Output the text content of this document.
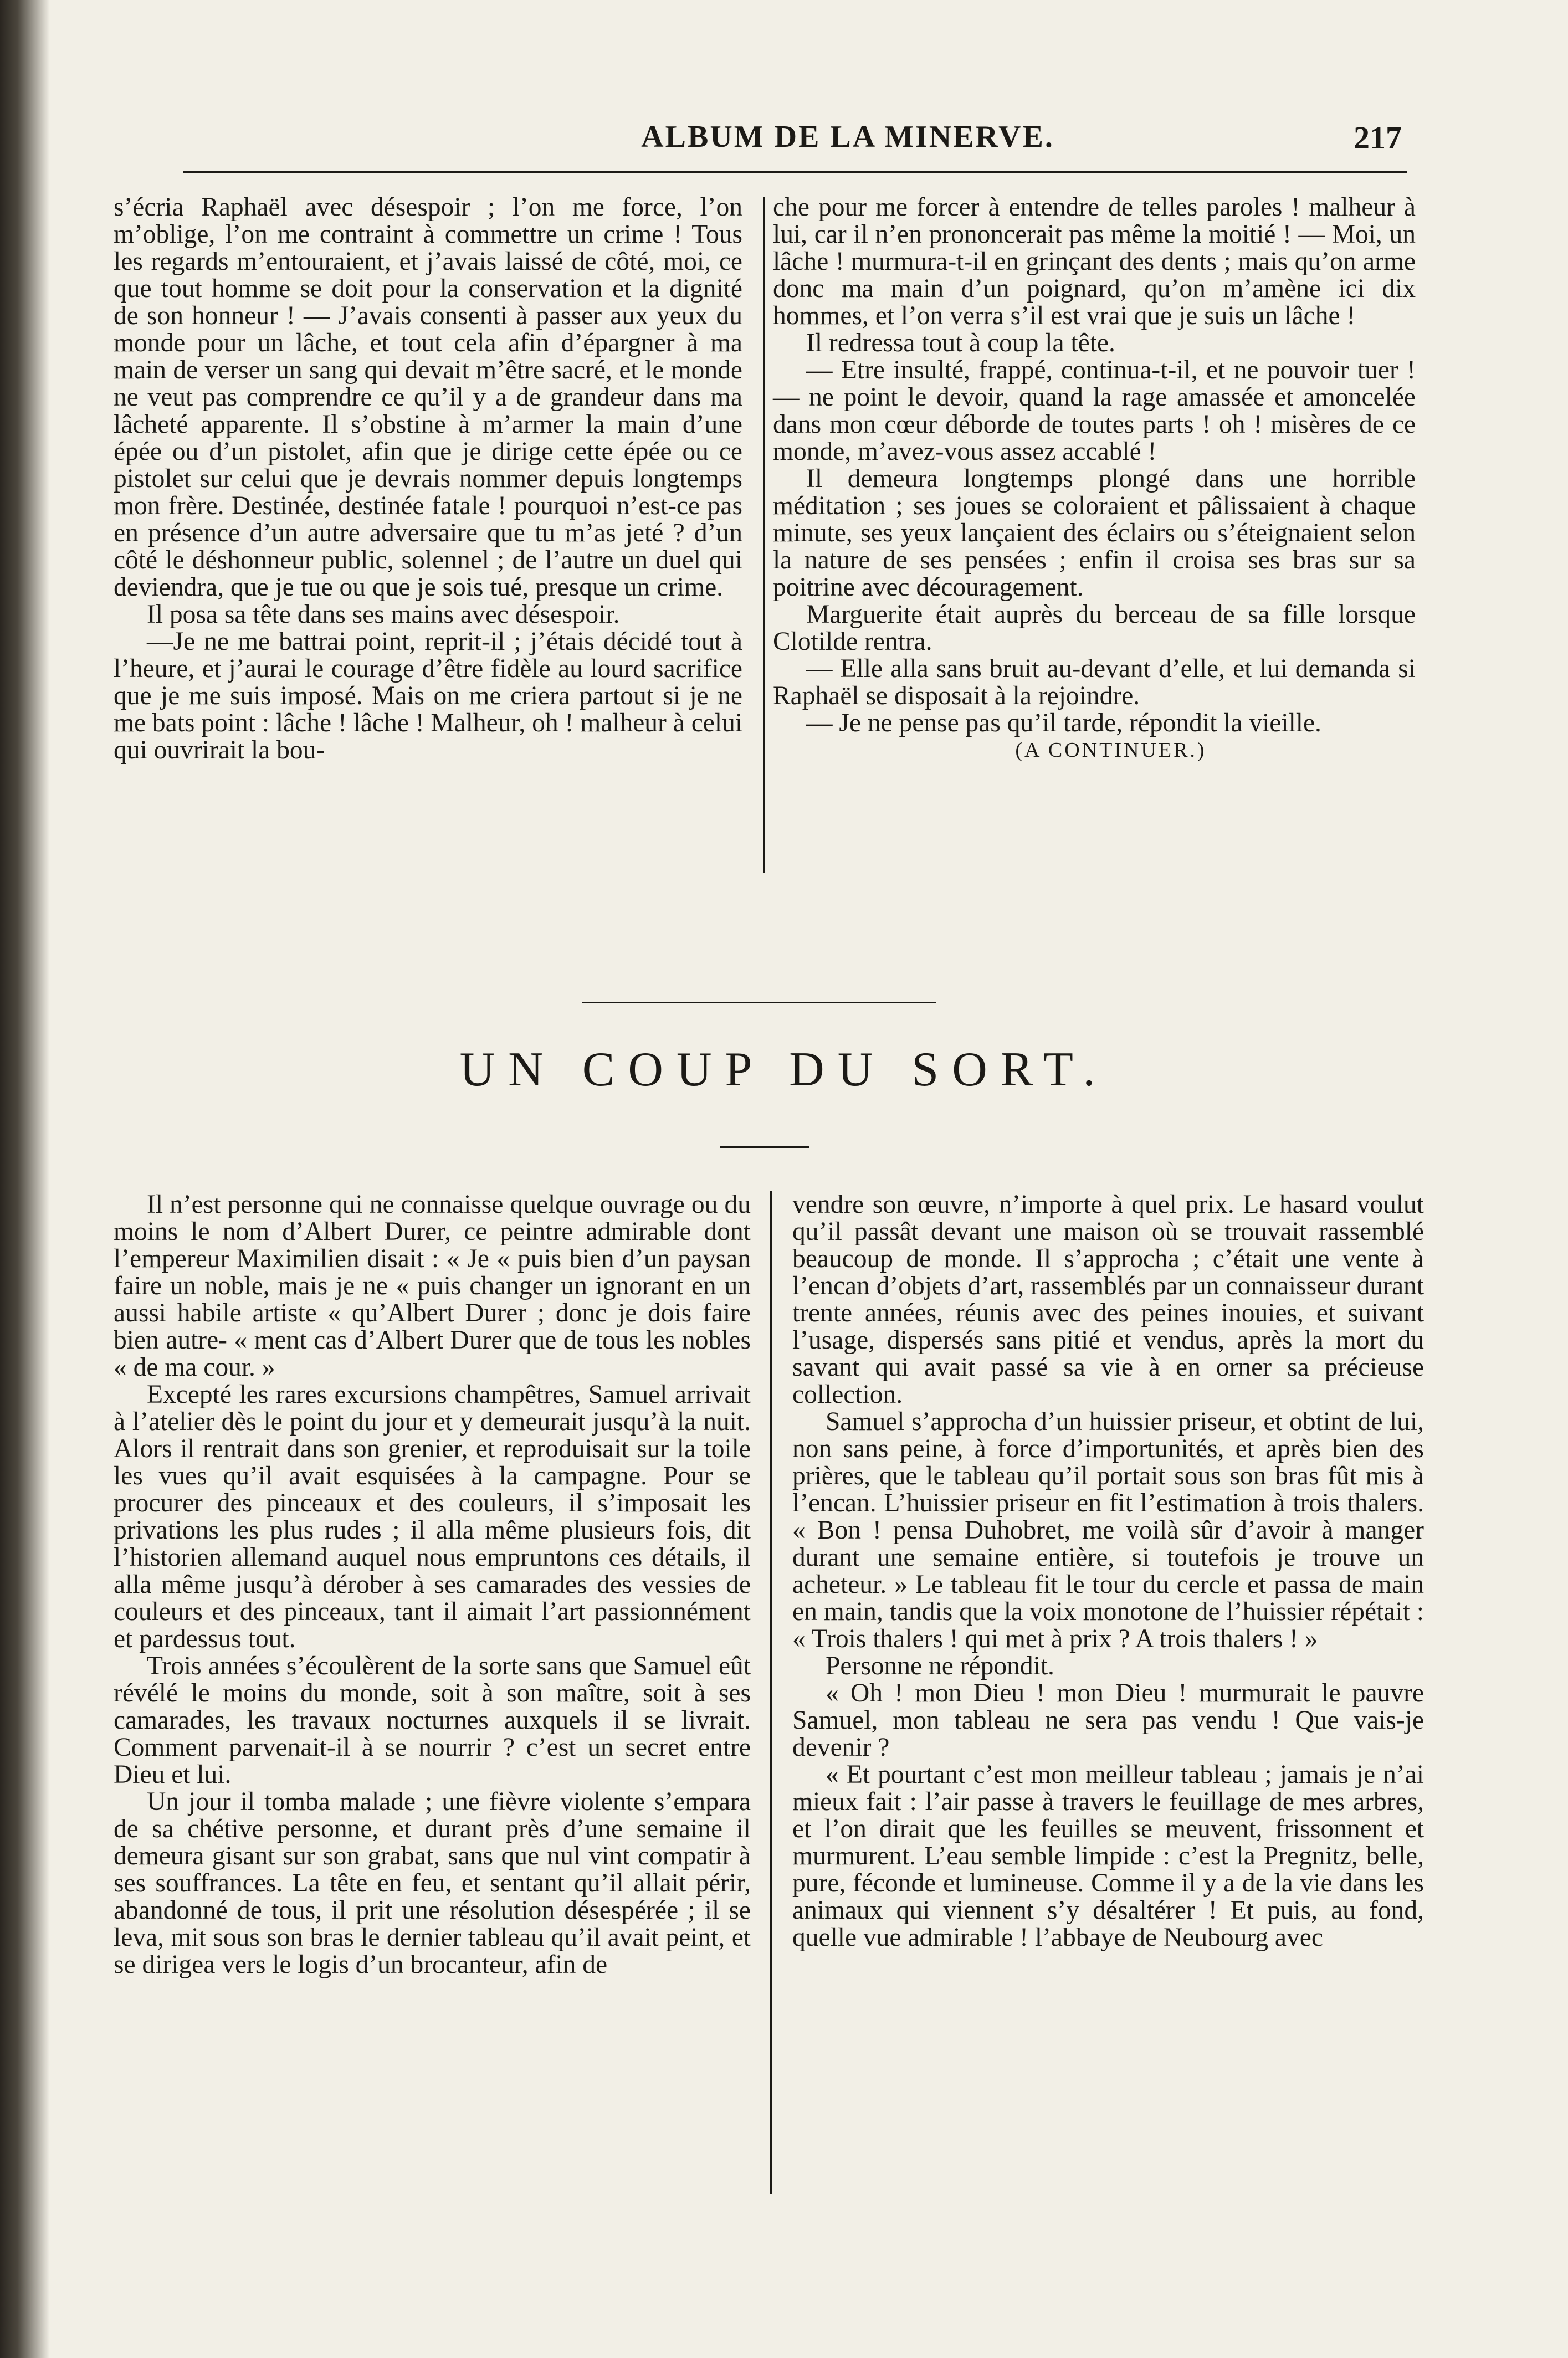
ALBUM DE LA MINERVE.	217

s’écria Raphaël avec désespoir ; l’on me force, l’on m’oblige, l’on me contraint à commettre un crime ! Tous les regards m’entouraient, et j’avais laissé de côté, moi, ce que tout homme se doit pour la conservation et la dignité de son honneur ! — J’avais consenti à passer aux yeux du monde pour un lâche, et tout cela afin d’épargner à ma main de verser un sang qui devait m’être sacré, et le monde ne veut pas comprendre ce qu’il y a de grandeur dans ma lâcheté apparente. Il s’obstine à m’armer la main d’une épée ou d’un pistolet, afin que je dirige cette épée ou ce pistolet sur celui que je devrais nommer depuis longtemps mon frère. Destinée, destinée fatale ! pourquoi n’est-ce pas en présence d’un autre adversaire que tu m’as jeté ? d’un côté le déshonneur public, solennel ; de l’autre un duel qui deviendra, que je tue ou que je sois tué, presque un crime.

Il posa sa tête dans ses mains avec désespoir.

—Je ne me battrai point, reprit-il ; j’étais décidé tout à l’heure, et j’aurai le courage d’être fidèle au lourd sacrifice que je me suis imposé. Mais on me criera partout si je ne me bats point : lâche ! lâche ! Malheur, oh ! malheur à celui qui ouvrirait la bou-

che pour me forcer à entendre de telles paroles ! malheur à lui, car il n’en prononcerait pas même la moitié ! — Moi, un lâche ! murmura-t-il en grinçant des dents ; mais qu’on arme donc ma main d’un poignard, qu’on m’amène ici dix hommes, et l’on verra s’il est vrai que je suis un lâche !

Il redressa tout à coup la tête.

— Etre insulté, frappé, continua-t-il, et ne pouvoir tuer ! — ne point le devoir, quand la rage amassée et amoncelée dans mon cœur déborde de toutes parts ! oh ! misères de ce monde, m’avez-vous assez accablé !

Il demeura longtemps plongé dans une horrible méditation ; ses joues se coloraient et pâlissaient à chaque minute, ses yeux lançaient des éclairs ou s’éteignaient selon la nature de ses pensées ; enfin il croisa ses bras sur sa poitrine avec découragement.

Marguerite était auprès du berceau de sa fille lorsque Clotilde rentra.

— Elle alla sans bruit au-devant d’elle, et lui demanda si Raphaël se disposait à la rejoindre.

— Je ne pense pas qu’il tarde, répondit la vieille.

(A CONTINUER.)

UN COUP DU SORT.

Il n’est personne qui ne connaisse quelque ouvrage ou du moins le nom d’Albert Durer, ce peintre admirable dont l’empereur Maximilien disait : « Je « puis bien d’un paysan faire un noble, mais je ne « puis changer un ignorant en un aussi habile artiste « qu’Albert Durer ; donc je dois faire bien autre- « ment cas d’Albert Durer que de tous les nobles « de ma cour. »

Excepté les rares excursions champêtres, Samuel arrivait à l’atelier dès le point du jour et y demeurait jusqu’à la nuit. Alors il rentrait dans son grenier, et reproduisait sur la toile les vues qu’il avait esquisées à la campagne. Pour se procurer des pinceaux et des couleurs, il s’imposait les privations les plus rudes ; il alla même plusieurs fois, dit l’historien allemand auquel nous empruntons ces détails, il alla même jusqu’à dérober à ses camarades des vessies de couleurs et des pinceaux, tant il aimait l’art passionnément et pardessus tout.

Trois années s’écoulèrent de la sorte sans que Samuel eût révélé le moins du monde, soit à son maître, soit à ses camarades, les travaux nocturnes auxquels il se livrait. Comment parvenait-il à se nourrir ? c’est un secret entre Dieu et lui.

Un jour il tomba malade ; une fièvre violente s’empara de sa chétive personne, et durant près d’une semaine il demeura gisant sur son grabat, sans que nul vint compatir à ses souffrances. La tête en feu, et sentant qu’il allait périr, abandonné de tous, il prit une résolution désespérée ; il se leva, mit sous son bras le dernier tableau qu’il avait peint, et se dirigea vers le logis d’un brocanteur, afin de

vendre son œuvre, n’importe à quel prix. Le hasard voulut qu’il passât devant une maison où se trouvait rassemblé beaucoup de monde. Il s’approcha ; c’était une vente à l’encan d’objets d’art, rassemblés par un connaisseur durant trente années, réunis avec des peines inouies, et suivant l’usage, dispersés sans pitié et vendus, après la mort du savant qui avait passé sa vie à en orner sa précieuse collection.

Samuel s’approcha d’un huissier priseur, et obtint de lui, non sans peine, à force d’importunités, et après bien des prières, que le tableau qu’il portait sous son bras fût mis à l’encan. L’huissier priseur en fit l’estimation à trois thalers. « Bon ! pensa Duhobret, me voilà sûr d’avoir à manger durant une semaine entière, si toutefois je trouve un acheteur. » Le tableau fit le tour du cercle et passa de main en main, tandis que la voix monotone de l’huissier répétait : « Trois thalers ! qui met à prix ? A trois thalers ! »

Personne ne répondit.

« Oh ! mon Dieu ! mon Dieu ! murmurait le pauvre Samuel, mon tableau ne sera pas vendu ! Que vais-je devenir ?

« Et pourtant c’est mon meilleur tableau ; jamais je n’ai mieux fait : l’air passe à travers le feuillage de mes arbres, et l’on dirait que les feuilles se meuvent, frissonnent et murmurent. L’eau semble limpide : c’est la Pregnitz, belle, pure, féconde et lumineuse. Comme il y a de la vie dans les animaux qui viennent s’y désaltérer ! Et puis, au fond, quelle vue admirable ! l’abbaye de Neubourg avec
